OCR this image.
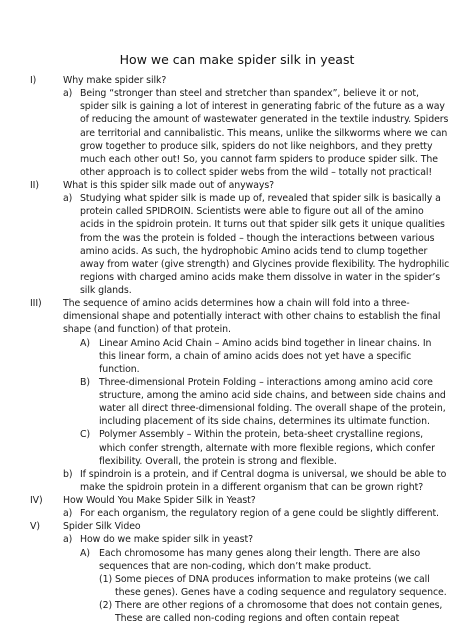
How we can make spider silk in yeast
I)	Why make spider silk?
a) Being “stronger than steel and stretcher than spandex”, believe it or not, spider silk is gaining a lot of interest in generating fabric of the future as a way of reducing the amount of wastewater generated in the textile industry. Spiders are territorial and cannibalistic. This means, unlike the silkworms where we can grow together to produce silk, spiders do not like neighbors, and they pretty much each other out! So, you cannot farm spiders to produce spider silk. The other approach is to collect spider webs from the wild – totally not practical!
II)	What is this spider silk made out of anyways?
a) Studying what spider silk is made up of, revealed that spider silk is basically a protein called SPIDROIN. Scientists were able to figure out all of the amino acids in the spidroin protein. It turns out that spider silk gets it unique qualities from the was the protein is folded – though the interactions between various amino acids. As such, the hydrophobic Amino acids tend to clump together away from water (give strength) and Glycines provide flexibility. The hydrophilic regions with charged amino acids make them dissolve in water in the spider’s silk glands.
III)	The sequence of amino acids determines how a chain will fold into a three-dimensional shape and potentially interact with other chains to establish the final shape (and function) of that protein.
A) Linear Amino Acid Chain – Amino acids bind together in linear chains. In this linear form, a chain of amino acids does not yet have a specific function.
B) Three-dimensional Protein Folding – interactions among amino acid core structure, among the amino acid side chains, and between side chains and water all direct three-dimensional folding. The overall shape of the protein, including placement of its side chains, determines its ultimate function.
C) Polymer Assembly – Within the protein, beta-sheet crystalline regions, which confer strength, alternate with more flexible regions, which confer flexibility. Overall, the protein is strong and flexible.
b) If spindroin is a protein, and if Central dogma is universal, we should be able to make the spidroin protein in a different organism that can be grown right?
IV)	How Would You Make Spider Silk in Yeast?
a) For each organism, the regulatory region of a gene could be slightly different.
V)	Spider Silk Video
a) How do we make spider silk in yeast?
A) Each chromosome has many genes along their length. There are also sequences that are non-coding, which don’t make product.
(1) Some pieces of DNA produces information to make proteins (we call these genes). Genes have a coding sequence and regulatory sequence.
(2) There are other regions of a chromosome that does not contain genes, These are called non-coding regions and often contain repeat
